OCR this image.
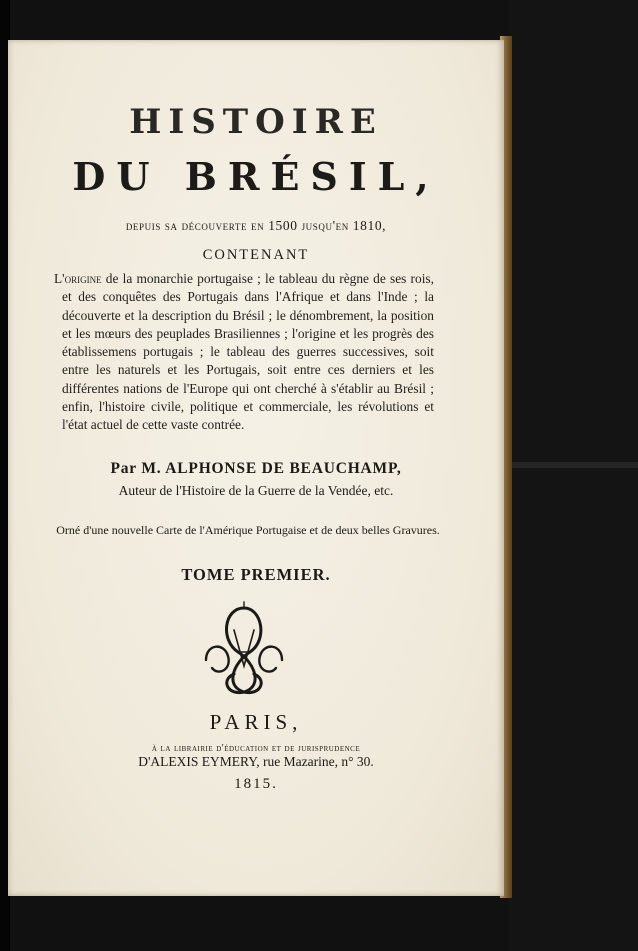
HISTOIRE
DU BRÉSIL,
depuis sa découverte en 1500 jusqu'en 1810,
CONTENANT
L'origine de la monarchie portugaise ; le tableau du règne de ses rois, et des conquêtes des Portugais dans l'Afrique et dans l'Inde ; la découverte et la description du Brésil ; le dénombrement, la position et les mœurs des peuplades Brasiliennes ; l'origine et les progrès des établissemens portugais ; le tableau des guerres successives, soit entre les naturels et les Portugais, soit entre ces derniers et les différentes nations de l'Europe qui ont cherché à s'établir au Brésil ; enfin, l'histoire civile, politique et commerciale, les révolutions et l'état actuel de cette vaste contrée.
Par M. ALPHONSE DE BEAUCHAMP,
Auteur de l'Histoire de la Guerre de la Vendée, etc.
Orné d'une nouvelle Carte de l'Amérique Portugaise et de deux belles Gravures.
TOME PREMIER.
PARIS,
à la librairie d'éducation et de jurisprudence
D'ALEXIS EYMERY, rue Mazarine, n° 30.
1815.
